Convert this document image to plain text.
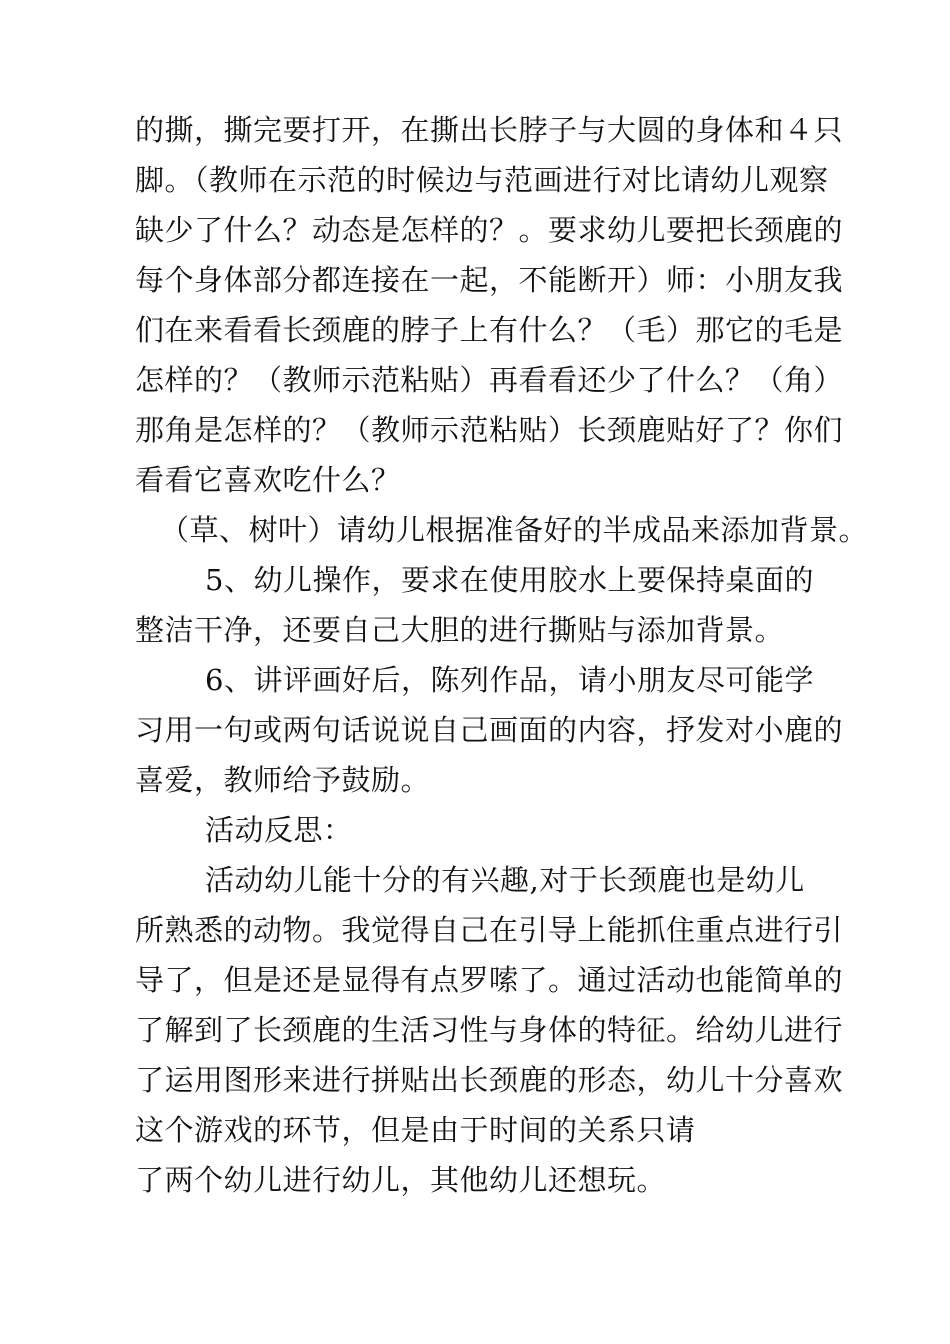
的撕，撕完要打开，在撕出长脖子与大圆的身体和４只
脚。（教师在示范的时候边与范画进行对比请幼儿观察
缺少了什么？动态是怎样的？。要求幼儿要把长颈鹿的
每个身体部分都连接在一起，不能断开）师：小朋友我
们在来看看长颈鹿的脖子上有什么？（毛）那它的毛是
怎样的？（教师示范粘贴）再看看还少了什么？（角）
那角是怎样的？（教师示范粘贴）长颈鹿贴好了？你们
看看它喜欢吃什么？
（草、树叶）请幼儿根据准备好的半成品来添加背景。
5、幼儿操作，要求在使用胶水上要保持桌面的
整洁干净，还要自己大胆的进行撕贴与添加背景。
6、讲评画好后，陈列作品，请小朋友尽可能学
习用一句或两句话说说自己画面的内容，抒发对小鹿的
喜爱，教师给予鼓励。
活动反思：
活动幼儿能十分的有兴趣,对于长颈鹿也是幼儿
所熟悉的动物。我觉得自己在引导上能抓住重点进行引
导了，但是还是显得有点罗嗦了。通过活动也能简单的
了解到了长颈鹿的生活习性与身体的特征。给幼儿进行
了运用图形来进行拼贴出长颈鹿的形态，幼儿十分喜欢
这个游戏的环节，但是由于时间的关系只请
了两个幼儿进行幼儿，其他幼儿还想玩。
